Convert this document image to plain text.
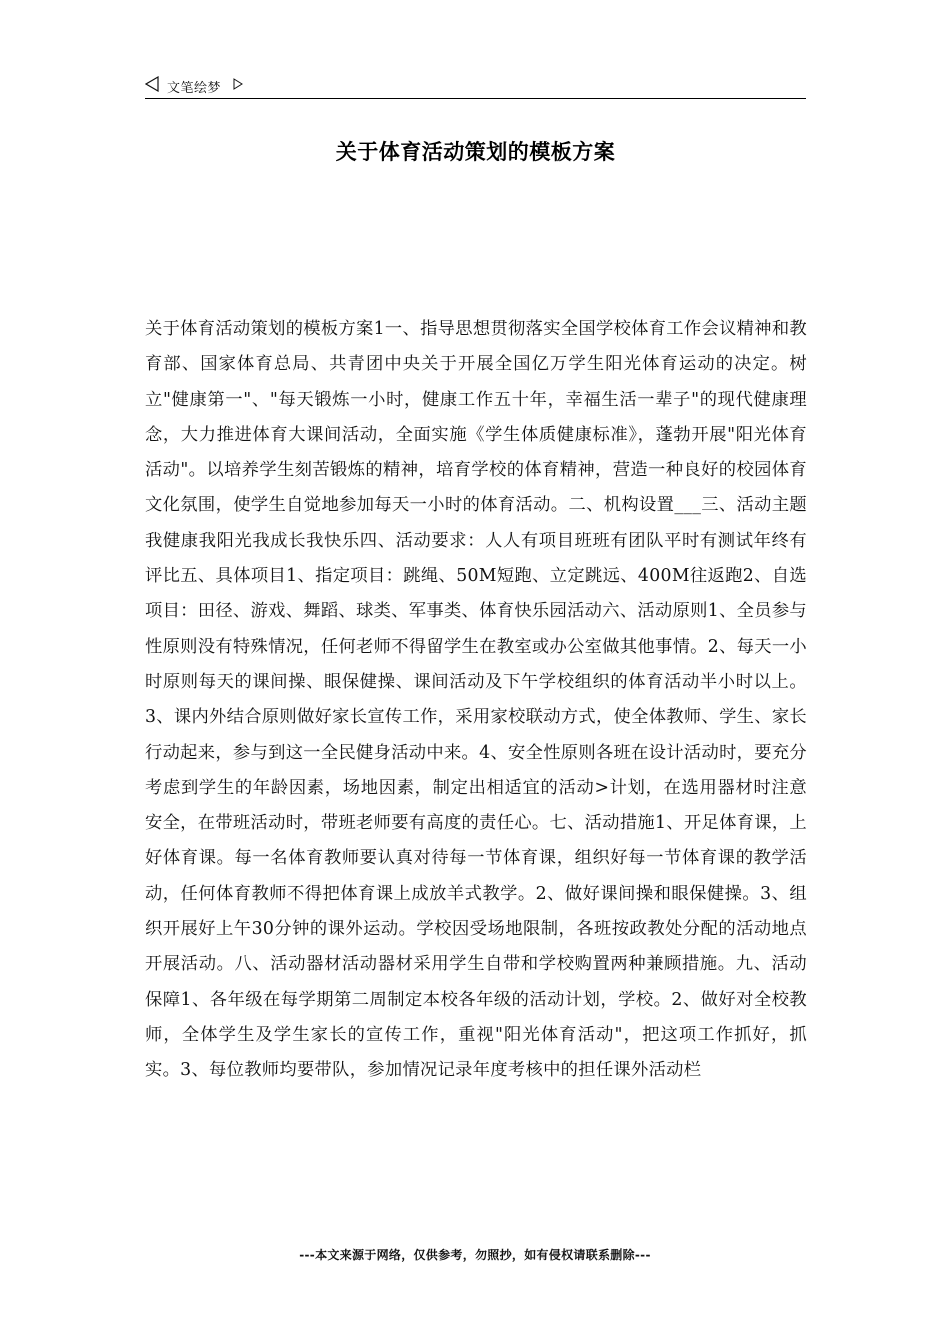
文笔绘梦
关于体育活动策划的模板方案

关于体育活动策划的模板方案1一、指导思想贯彻落实全国学校体育工作会议精神和教育部、国家体育总局、共青团中央关于开展全国亿万学生阳光体育运动的决定。树立"健康第一"、"每天锻炼一小时，健康工作五十年，幸福生活一辈子"的现代健康理念，大力推进体育大课间活动，全面实施《学生体质健康标准》，蓬勃开展"阳光体育活动"。以培养学生刻苦锻炼的精神，培育学校的体育精神，营造一种良好的校园体育文化氛围，使学生自觉地参加每天一小时的体育活动。二、机构设置___三、活动主题我健康我阳光我成长我快乐四、活动要求：人人有项目班班有团队平时有测试年终有评比五、具体项目1、指定项目：跳绳、50M短跑、立定跳远、400M往返跑2、自选项目：田径、游戏、舞蹈、球类、军事类、体育快乐园活动六、活动原则1、全员参与性原则没有特殊情况，任何老师不得留学生在教室或办公室做其他事情。2、每天一小时原则每天的课间操、眼保健操、课间活动及下午学校组织的体育活动半小时以上。3、课内外结合原则做好家长宣传工作，采用家校联动方式，使全体教师、学生、家长行动起来，参与到这一全民健身活动中来。4、安全性原则各班在设计活动时，要充分考虑到学生的年龄因素，场地因素，制定出相适宜的活动>计划，在选用器材时注意安全，在带班活动时，带班老师要有高度的责任心。七、活动措施1、开足体育课，上好体育课。每一名体育教师要认真对待每一节体育课，组织好每一节体育课的教学活动，任何体育教师不得把体育课上成放羊式教学。2、做好课间操和眼保健操。3、组织开展好上午30分钟的课外运动。学校因受场地限制，各班按政教处分配的活动地点开展活动。八、活动器材活动器材采用学生自带和学校购置两种兼顾措施。九、活动保障1、各年级在每学期第二周制定本校各年级的活动计划，学校。2、做好对全校教师，全体学生及学生家长的宣传工作，重视"阳光体育活动"，把这项工作抓好，抓实。3、每位教师均要带队，参加情况记录年度考核中的担任课外活动栏

---本文来源于网络，仅供参考，勿照抄，如有侵权请联系删除---
